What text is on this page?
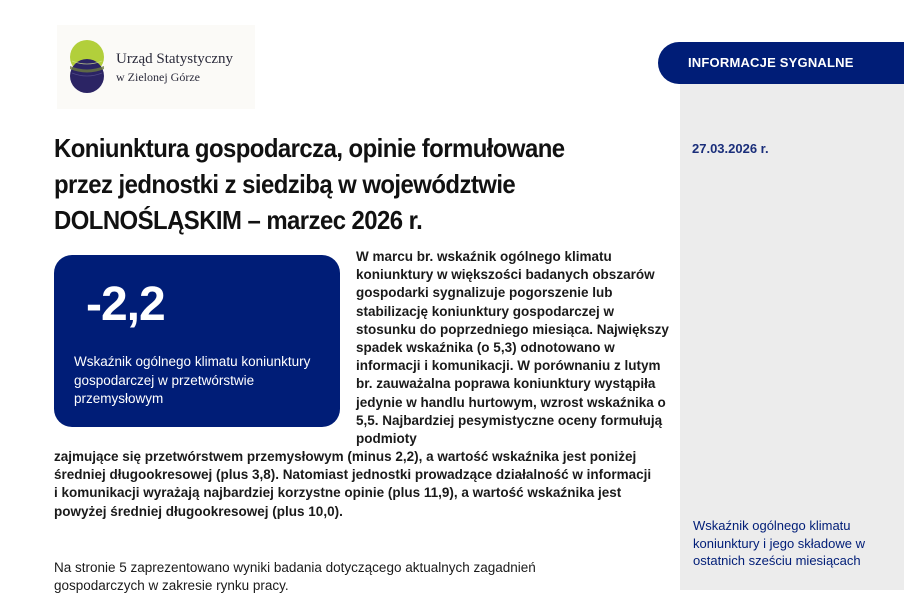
Urząd Statystyczny
w Zielonej Górze
INFORMACJE SYGNALNE
27.03.2026 r.
Wskaźnik ogólnego klimatu koniunktury i jego składowe w ostatnich sześciu miesiącach
Koniunktura gospodarcza, opinie formułowane przez jednostki z siedzibą w województwie DOLNOŚLĄSKIM – marzec 2026 r.
-2,2
Wskaźnik ogólnego klimatu koniunktury gospodarczej w przetwórstwie przemysłowym

W marcu br. wskaźnik ogólnego klimatu koniunktury w większości badanych obszarów gospodarki sygnalizuje pogorszenie lub stabilizację koniunktury gospodarczej w stosunku do poprzedniego miesiąca. Największy spadek wskaźnika (o 5,3) odnotowano w informacji i komunikacji. W porównaniu z lutym br. zauważalna poprawa koniunktury wystąpiła jedynie w handlu hurtowym, wzrost wskaźnika o 5,5. Najbardziej pesymistyczne oceny formułują podmioty

zajmujące się przetwórstwem przemysłowym (minus 2,2), a wartość wskaźnika jest poniżej średniej długookresowej (plus 3,8). Natomiast jednostki prowadzące działalność w informacji i komunikacji wyrażają najbardziej korzystne opinie (plus 11,9), a wartość wskaźnika jest powyżej średniej długookresowej (plus 10,0).

Na stronie 5 zaprezentowano wyniki badania dotyczącego aktualnych zagadnień gospodarczych w zakresie rynku pracy.
